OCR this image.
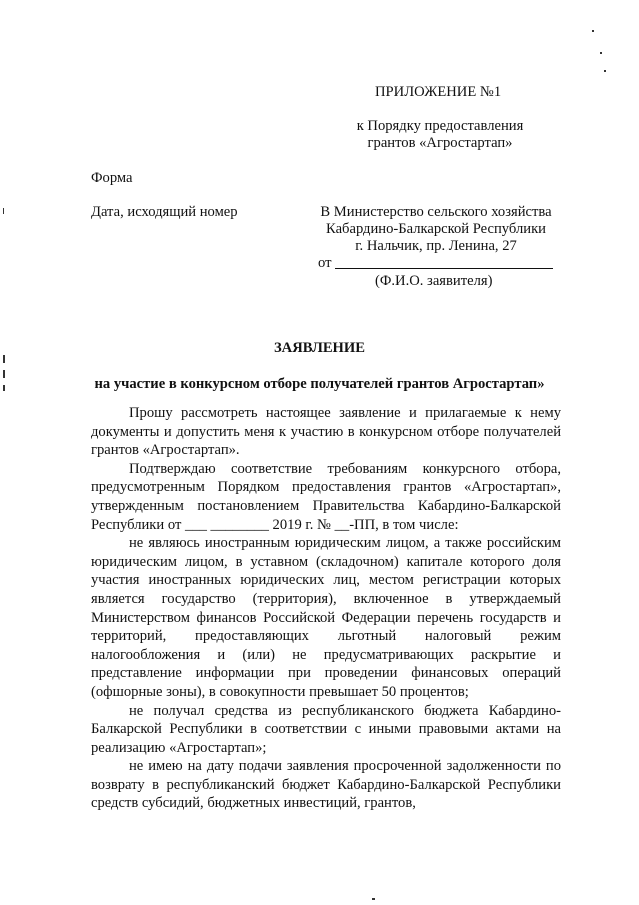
ПРИЛОЖЕНИЕ №1
к Порядку предоставления
грантов «Агростартап»
Форма
Дата, исходящий номер	В Министерство сельского хозяйства
Кабардино-Балкарской Республики
г. Нальчик, пр. Ленина, 27
от
(Ф.И.О. заявителя)
ЗАЯВЛЕНИЕ
на участие в конкурсном отборе получателей грантов Агростартап»

Прошу рассмотреть настоящее заявление и прилагаемые к нему документы и допустить меня к участию в конкурсном отборе получателей грантов «Агростартап».

Подтверждаю соответствие требованиям конкурсного отбора, предусмотренным Порядком предоставления грантов «Агростартап», утвержденным постановлением Правительства Кабардино-Балкарской Республики от ___ ________ 2019 г. № __-ПП, в том числе:

не являюсь иностранным юридическим лицом, а также российским юридическим лицом, в уставном (складочном) капитале которого доля участия иностранных юридических лиц, местом регистрации которых является государство (территория), включенное в утверждаемый Министерством финансов Российской Федерации перечень государств и территорий, предоставляющих льготный налоговый режим налогообложения и (или) не предусматривающих раскрытие и представление информации при проведении финансовых операций (офшорные зоны), в совокупности превышает 50 процентов;

не получал средства из республиканского бюджета Кабардино-Балкарской Республики в соответствии с иными правовыми актами на реализацию «Агростартап»;

не имею на дату подачи заявления просроченной задолженности по возврату в республиканский бюджет Кабардино-Балкарской Республики средств субсидий, бюджетных инвестиций, грантов,
